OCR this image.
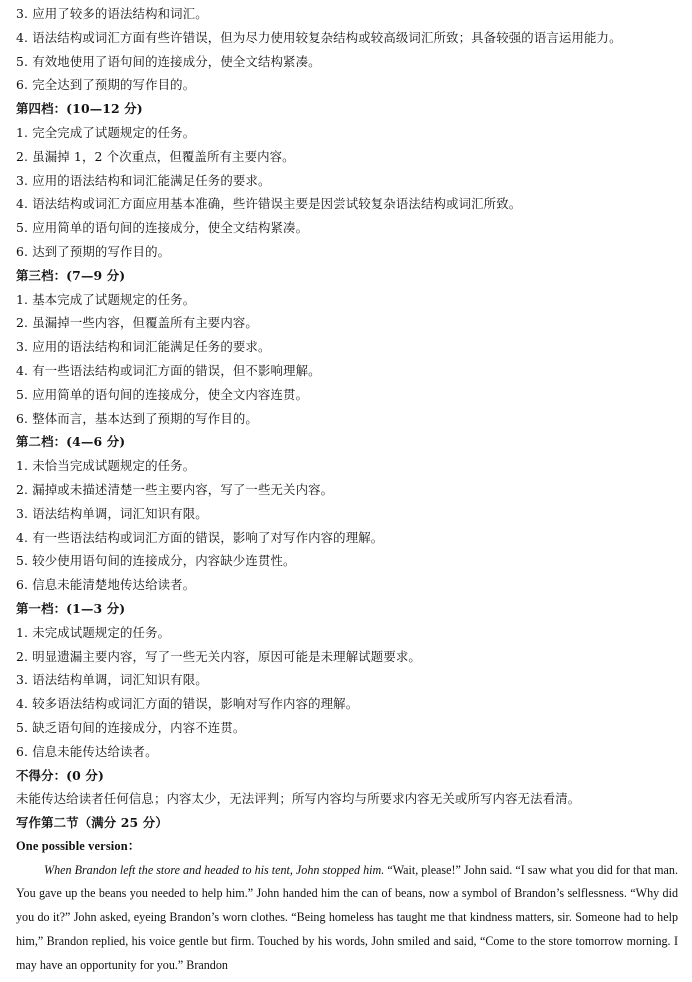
3. 应用了较多的语法结构和词汇。
4. 语法结构或词汇方面有些许错误，但为尽力使用较复杂结构或较高级词汇所致；具备较强的语言运用能力。
5. 有效地使用了语句间的连接成分，使全文结构紧凑。
6. 完全达到了预期的写作目的。
第四档：(10—12 分)
1. 完全完成了试题规定的任务。
2. 虽漏掉 1，2 个次重点，但覆盖所有主要内容。
3. 应用的语法结构和词汇能满足任务的要求。
4. 语法结构或词汇方面应用基本准确，些许错误主要是因尝试较复杂语法结构或词汇所致。
5. 应用简单的语句间的连接成分，使全文结构紧凑。
6. 达到了预期的写作目的。
第三档：(7—9 分)
1. 基本完成了试题规定的任务。
2. 虽漏掉一些内容，但覆盖所有主要内容。
3. 应用的语法结构和词汇能满足任务的要求。
4. 有一些语法结构或词汇方面的错误，但不影响理解。
5. 应用简单的语句间的连接成分，使全文内容连贯。
6. 整体而言，基本达到了预期的写作目的。
第二档：(4—6 分)
1. 未恰当完成试题规定的任务。
2. 漏掉或未描述清楚一些主要内容，写了一些无关内容。
3. 语法结构单调，词汇知识有限。
4. 有一些语法结构或词汇方面的错误，影响了对写作内容的理解。
5. 较少使用语句间的连接成分，内容缺少连贯性。
6. 信息未能清楚地传达给读者。
第一档：(1—3 分)
1. 未完成试题规定的任务。
2. 明显遗漏主要内容，写了一些无关内容，原因可能是未理解试题要求。
3. 语法结构单调，词汇知识有限。
4. 较多语法结构或词汇方面的错误，影响对写作内容的理解。
5. 缺乏语句间的连接成分，内容不连贯。
6. 信息未能传达给读者。
不得分：(0 分)
未能传达给读者任何信息；内容太少，无法评判；所写内容均与所要求内容无关或所写内容无法看清。
写作第二节（满分 25 分）
One possible version：

When Brandon left the store and headed to his tent, John stopped him. “Wait, please!” John said. “I saw what you did for that man. You gave up the beans you needed to help him.” John handed him the can of beans, now a symbol of Brandon’s selflessness. “Why did you do it?” John asked, eyeing Brandon’s worn clothes. “Being homeless has taught me that kindness matters, sir. Someone had to help him,” Brandon replied, his voice gentle but firm. Touched by his words, John smiled and said, “Come to the store tomorrow morning. I may have an opportunity for you.” Brandon
